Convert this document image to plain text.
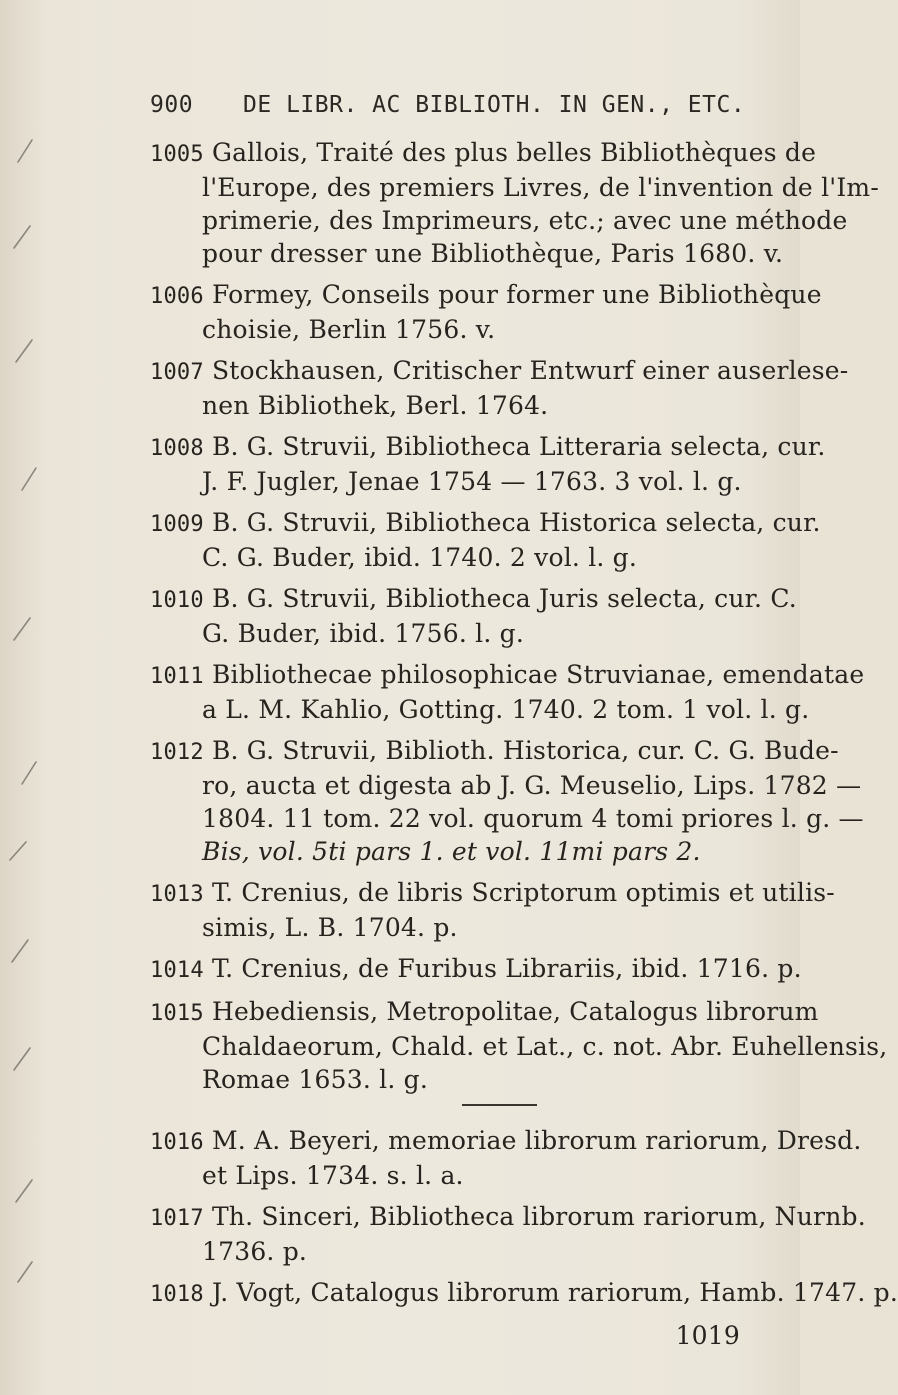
900 DE LIBR. AC BIBLIOTH. IN GEN., ETC.
1005 Gallois, Traité des plus belles Bibliothèques de
l'Europe, des premiers Livres, de l'invention de l'Im-
primerie, des Imprimeurs, etc.; avec une méthode
pour dresser une Bibliothèque, Paris 1680. v.
1006 Formey, Conseils pour former une Bibliothèque
choisie, Berlin 1756. v.
1007 Stockhausen, Critischer Entwurf einer auserlese-
nen Bibliothek, Berl. 1764.
1008 B. G. Struvii, Bibliotheca Litteraria selecta, cur.
J. F. Jugler, Jenae 1754 — 1763. 3 vol. l. g.
1009 B. G. Struvii, Bibliotheca Historica selecta, cur.
C. G. Buder, ibid. 1740. 2 vol. l. g.
1010 B. G. Struvii, Bibliotheca Juris selecta, cur. C.
G. Buder, ibid. 1756. l. g.
1011 Bibliothecae philosophicae Struvianae, emendatae
a L. M. Kahlio, Gotting. 1740. 2 tom. 1 vol. l. g.
1012 B. G. Struvii, Biblioth. Historica, cur. C. G. Bude-
ro, aucta et digesta ab J. G. Meuselio, Lips. 1782 —
1804. 11 tom. 22 vol. quorum 4 tomi priores l. g. —
Bis, vol. 5ti pars 1. et vol. 11mi pars 2.
1013 T. Crenius, de libris Scriptorum optimis et utilis-
simis, L. B. 1704. p.
1014 T. Crenius, de Furibus Librariis, ibid. 1716. p.
1015 Hebediensis, Metropolitae, Catalogus librorum
Chaldaeorum, Chald. et Lat., c. not. Abr. Euhellensis,
Romae 1653. l. g.
1016 M. A. Beyeri, memoriae librorum rariorum, Dresd.
et Lips. 1734. s. l. a.
1017 Th. Sinceri, Bibliotheca librorum rariorum, Nurnb.
1736. p.
1018 J. Vogt, Catalogus librorum rariorum, Hamb. 1747. p.
1019
